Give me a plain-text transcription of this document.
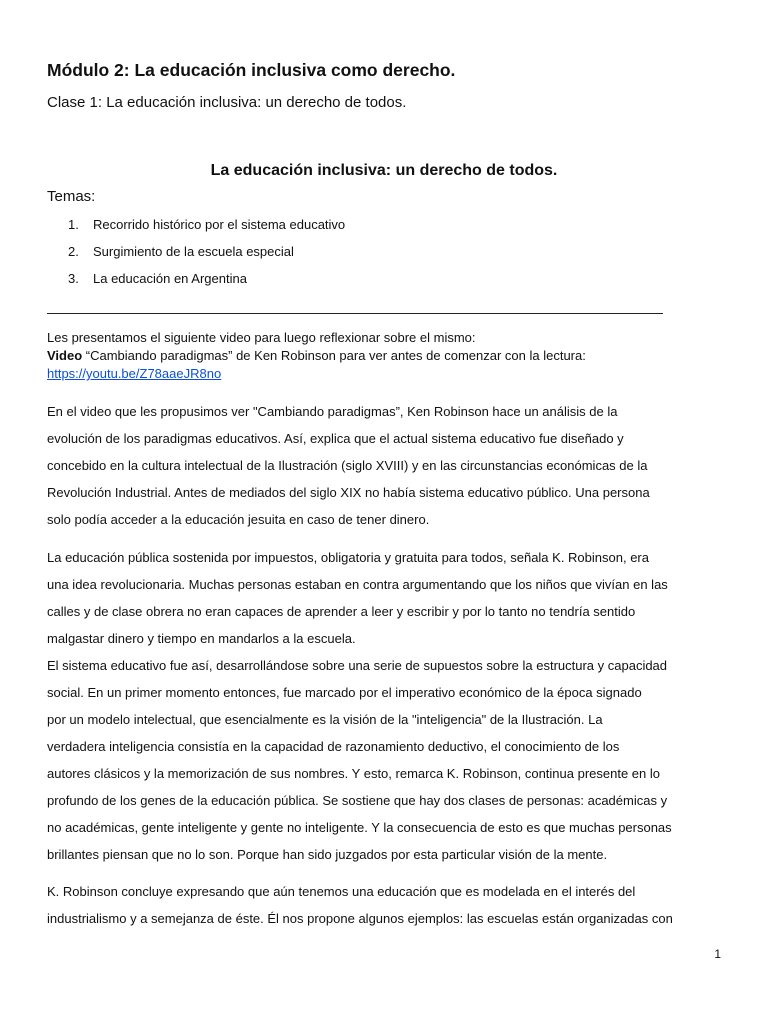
Módulo 2: La educación inclusiva como derecho.
Clase 1: La educación inclusiva: un derecho de todos.
La educación inclusiva: un derecho de todos.
Temas:
1. Recorrido histórico por el sistema educativo
2. Surgimiento de la escuela especial
3. La educación en Argentina
Les presentamos el siguiente video para luego reflexionar sobre el mismo:
Video “Cambiando paradigmas” de Ken Robinson para ver antes de comenzar con la lectura:
https://youtu.be/Z78aaeJR8no
En el video que les propusimos ver "Cambiando paradigmas”, Ken Robinson hace un análisis de la
evolución de los paradigmas educativos. Así, explica que el actual sistema educativo fue diseñado y
concebido en la cultura intelectual de la Ilustración (siglo XVIII) y en las circunstancias económicas de la
Revolución Industrial. Antes de mediados del siglo XIX no había sistema educativo público. Una persona
solo podía acceder a la educación jesuita en caso de tener dinero.
La educación pública sostenida por impuestos, obligatoria y gratuita para todos, señala K. Robinson, era
una idea revolucionaria. Muchas personas estaban en contra argumentando que los niños que vivían en las
calles y de clase obrera no eran capaces de aprender a leer y escribir y por lo tanto no tendría sentido
malgastar dinero y tiempo en mandarlos a la escuela.
El sistema educativo fue así, desarrollándose sobre una serie de supuestos sobre la estructura y capacidad
social. En un primer momento entonces, fue marcado por el imperativo económico de la época signado
por un modelo intelectual, que esencialmente es la visión de la "inteligencia" de la Ilustración. La
verdadera inteligencia consistía en la capacidad de razonamiento deductivo, el conocimiento de los
autores clásicos y la memorización de sus nombres. Y esto, remarca K. Robinson, continua presente en lo
profundo de los genes de la educación pública. Se sostiene que hay dos clases de personas: académicas y
no académicas, gente inteligente y gente no inteligente. Y la consecuencia de esto es que muchas personas
brillantes piensan que no lo son. Porque han sido juzgados por esta particular visión de la mente.
K. Robinson concluye expresando que aún tenemos una educación que es modelada en el interés del
industrialismo y a semejanza de éste. Él nos propone algunos ejemplos: las escuelas están organizadas con
1
